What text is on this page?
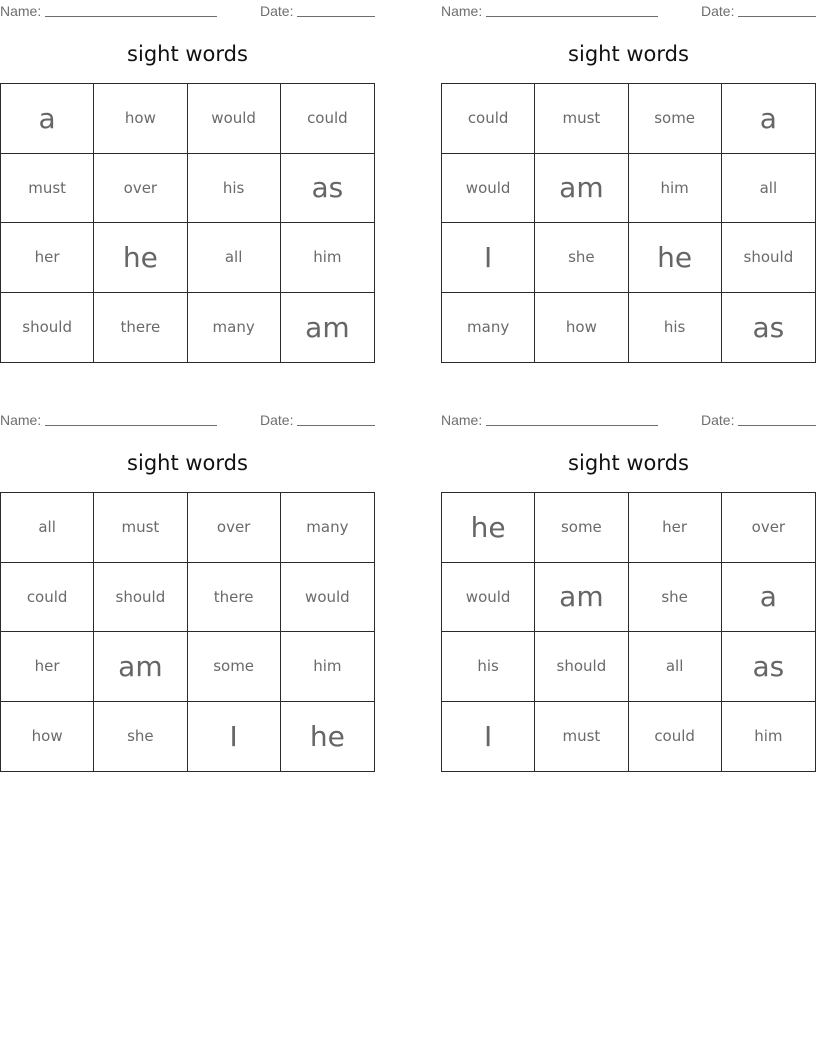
Name:	Date:
sight words
a	how	would	could
must	over	his	as
her	he	all	him
should	there	many	am
Name:	Date:
sight words
could	must	some	a
would	am	him	all
I	she	he	should
many	how	his	as
Name:	Date:
sight words
all	must	over	many
could	should	there	would
her	am	some	him
how	she	I	he
Name:	Date:
sight words
he	some	her	over
would	am	she	a
his	should	all	as
I	must	could	him
